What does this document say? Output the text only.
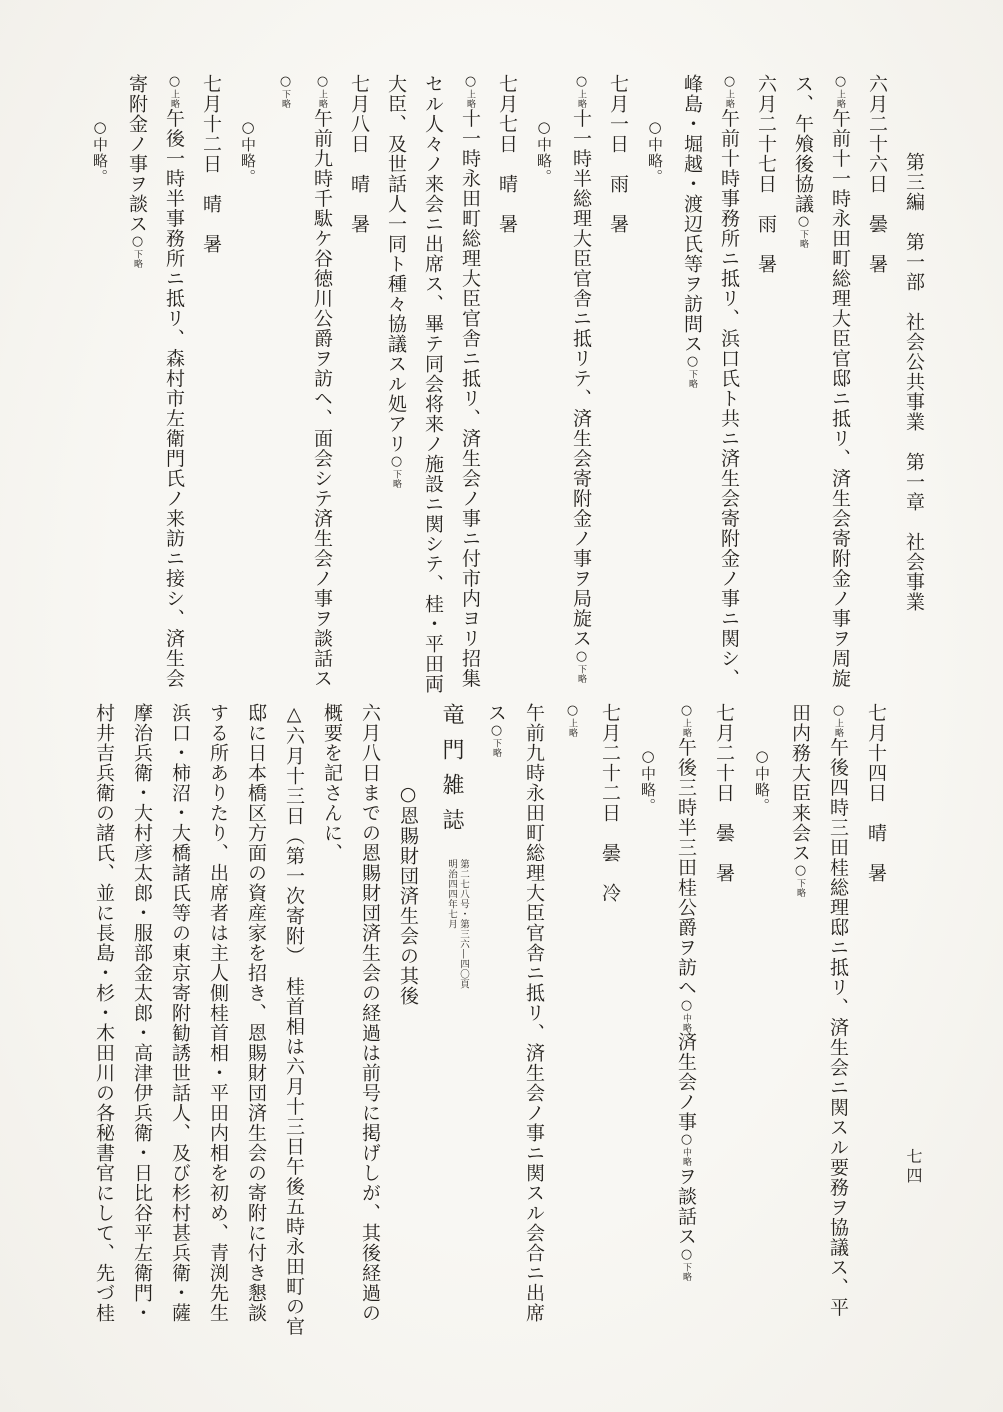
第三編　第一部　社会公共事業　第一章　社会事業
六月二十六日　曇　暑
○上略午前十一時永田町総理大臣官邸ニ抵リ、済生会寄附金ノ事ヲ周旋
ス、午飧後協議○下略
六月二十七日　雨　暑
○上略午前十時事務所ニ抵リ、浜口氏ト共ニ済生会寄附金ノ事ニ関シ、
峰島・堀越・渡辺氏等ヲ訪問ス○下略
○中略。
七月一日　雨　暑
○上略十一時半総理大臣官舎ニ抵リテ、済生会寄附金ノ事ヲ局旋ス○下略
○中略。
七月七日　晴　暑
○上略十一時永田町総理大臣官舎ニ抵リ、済生会ノ事ニ付市内ヨリ招集
セル人々ノ来会ニ出席ス、畢テ同会将来ノ施設ニ関シテ、桂・平田両
大臣、及世話人一同ト種々協議スル処アリ○下略
七月八日　晴　暑
○上略午前九時千駄ケ谷徳川公爵ヲ訪ヘ、面会シテ済生会ノ事ヲ談話ス
○下略
○中略。
七月十二日　晴　暑
○上略午後一時半事務所ニ抵リ、森村市左衛門氏ノ来訪ニ接シ、済生会
寄附金ノ事ヲ談ス○下略
○中略。
七月十四日　晴　暑
○上略午後四時三田桂総理邸ニ抵リ、済生会ニ関スル要務ヲ協議ス、平
田内務大臣来会ス○下略
○中略。
七月二十日　曇　暑
○上略午後三時半三田桂公爵ヲ訪ヘ○中略済生会ノ事○中略ヲ談話ス○下略
○中略。
七月二十二日　曇　冷
○上略
午前九時永田町総理大臣官舎ニ抵リ、済生会ノ事ニ関スル会合ニ出席
ス○下略
竜門雑誌
第二七八号・第三六―四〇頁
明治四四年七月
○恩賜財団済生会の其後
六月八日までの恩賜財団済生会の経過は前号に掲げしが、其後経過の
概要を記さんに、
△六月十三日（第一次寄附）　桂首相は六月十三日午後五時永田町の官
邸に日本橋区方面の資産家を招き、恩賜財団済生会の寄附に付き懇談
する所ありたり、出席者は主人側桂首相・平田内相を初め、青渕先生
浜口・柿沼・大橋諸氏等の東京寄附勧誘世話人、及び杉村甚兵衛・薩
摩治兵衛・大村彦太郎・服部金太郎・高津伊兵衛・日比谷平左衛門・
村井吉兵衛の諸氏、並に長島・杉・木田川の各秘書官にして、先づ桂	七四
